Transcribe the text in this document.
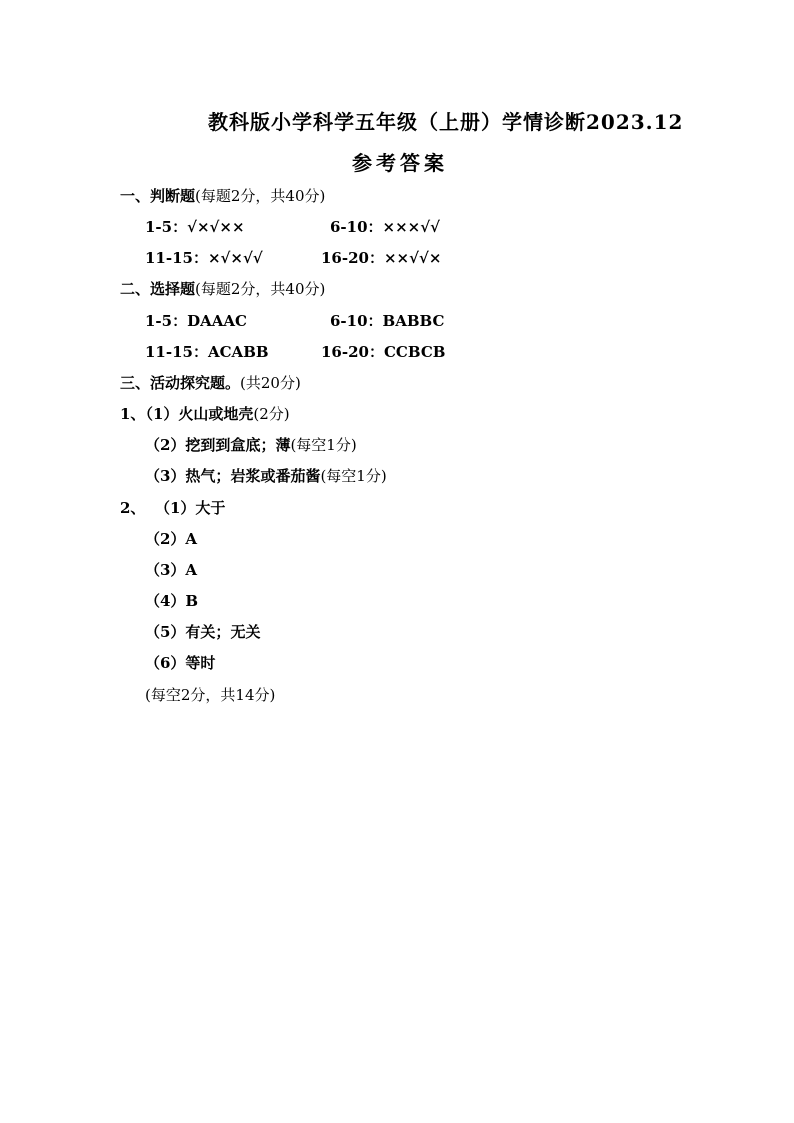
教科版小学科学五年级（上册）学情诊断2023.12
参考答案
一、判断题(每题2分，共40分)
1-5：√×√××	6-10：×××√√
11-15：×√×√√	16-20：××√√×
二、选择题(每题2分，共40分)
1-5：DAAAC	6-10：BABBC
11-15：ACABB	16-20：CCBCB
三、活动探究题。(共20分)
1、（1）火山或地壳(2分)
（2）挖到到盒底；薄(每空1分)
（3）热气；岩浆或番茄酱(每空1分)
2、 （1）大于
（2）A
（3）A
（4）B
（5）有关；无关
（6）等时
(每空2分，共14分)
